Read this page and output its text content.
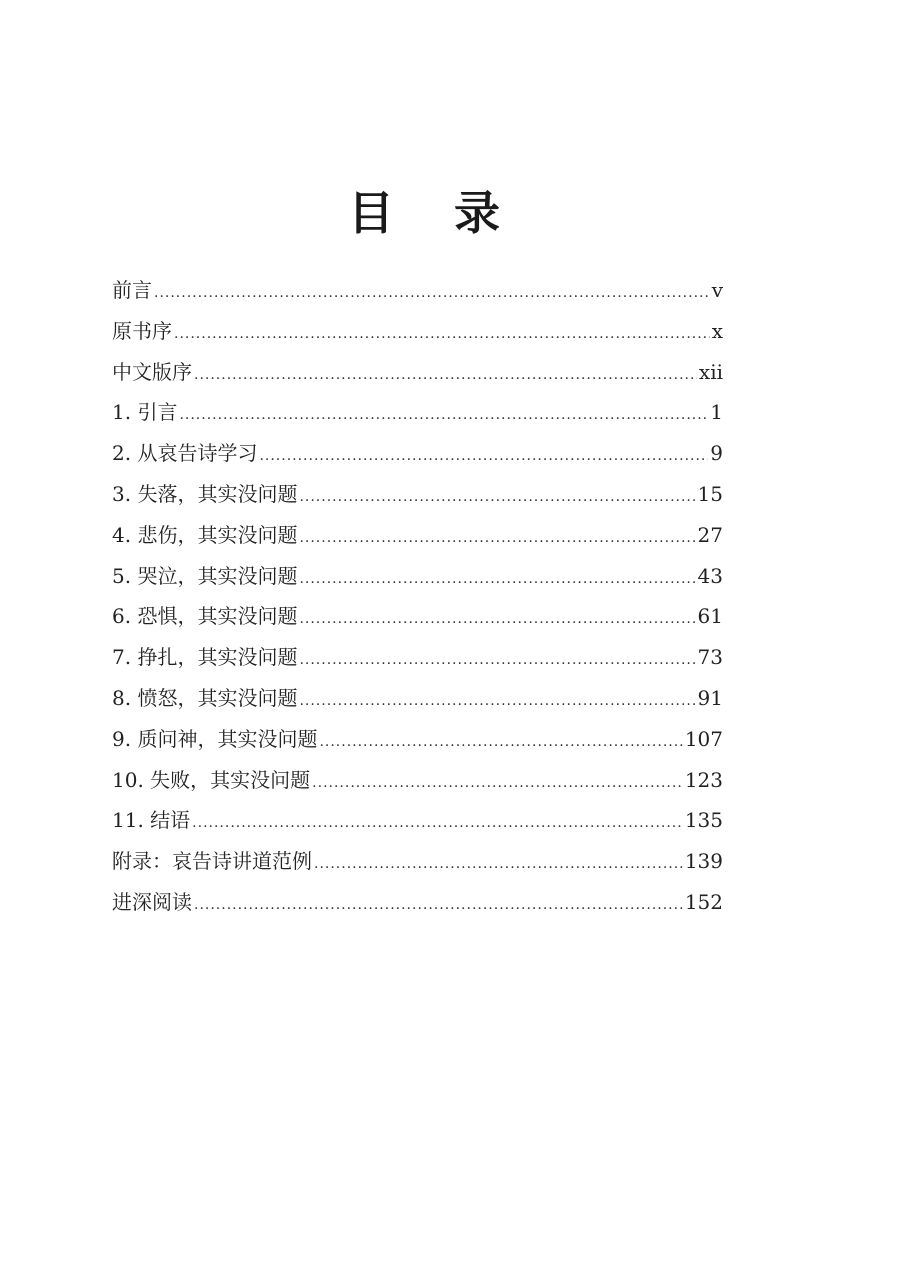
目 录
前言 .....	v
原书序 .....	x
中文版序 .....	xii
1. 引言 .....	1
2. 从哀告诗学习 .....	9
3. 失落，其实没问题 .....	15
4. 悲伤，其实没问题 .....	27
5. 哭泣，其实没问题 .....	43
6. 恐惧，其实没问题 .....	61
7. 挣扎，其实没问题 .....	73
8. 愤怒，其实没问题 .....	91
9. 质问神，其实没问题 .....	107
10. 失败，其实没问题 .....	123
11. 结语 .....	135
附录：哀告诗讲道范例 .....	139
进深阅读 .....	152
